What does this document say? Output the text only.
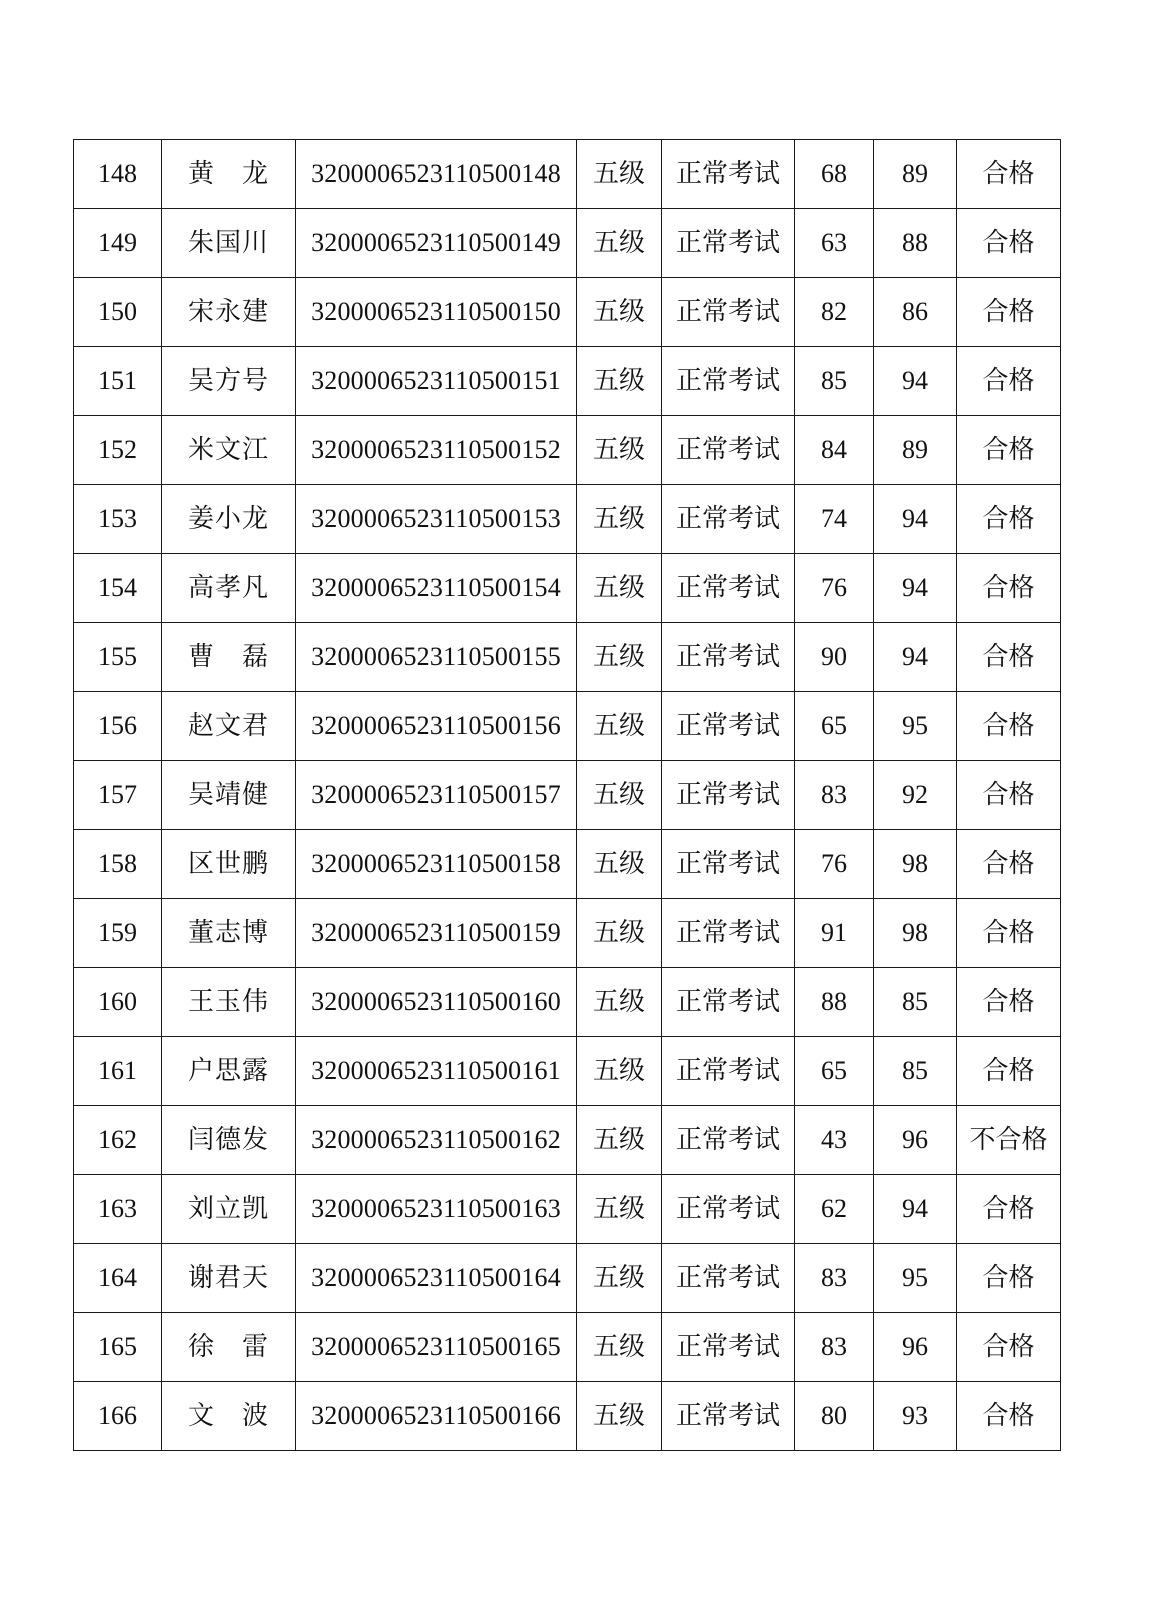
148	黄　龙	3200006523110500148	五级	正常考试	68	89	合格
149	朱国川	3200006523110500149	五级	正常考试	63	88	合格
150	宋永建	3200006523110500150	五级	正常考试	82	86	合格
151	吴方号	3200006523110500151	五级	正常考试	85	94	合格
152	米文江	3200006523110500152	五级	正常考试	84	89	合格
153	姜小龙	3200006523110500153	五级	正常考试	74	94	合格
154	高孝凡	3200006523110500154	五级	正常考试	76	94	合格
155	曹　磊	3200006523110500155	五级	正常考试	90	94	合格
156	赵文君	3200006523110500156	五级	正常考试	65	95	合格
157	吴靖健	3200006523110500157	五级	正常考试	83	92	合格
158	区世鹏	3200006523110500158	五级	正常考试	76	98	合格
159	董志博	3200006523110500159	五级	正常考试	91	98	合格
160	王玉伟	3200006523110500160	五级	正常考试	88	85	合格
161	户思露	3200006523110500161	五级	正常考试	65	85	合格
162	闫德发	3200006523110500162	五级	正常考试	43	96	不合格
163	刘立凯	3200006523110500163	五级	正常考试	62	94	合格
164	谢君天	3200006523110500164	五级	正常考试	83	95	合格
165	徐　雷	3200006523110500165	五级	正常考试	83	96	合格
166	文　波	3200006523110500166	五级	正常考试	80	93	合格
